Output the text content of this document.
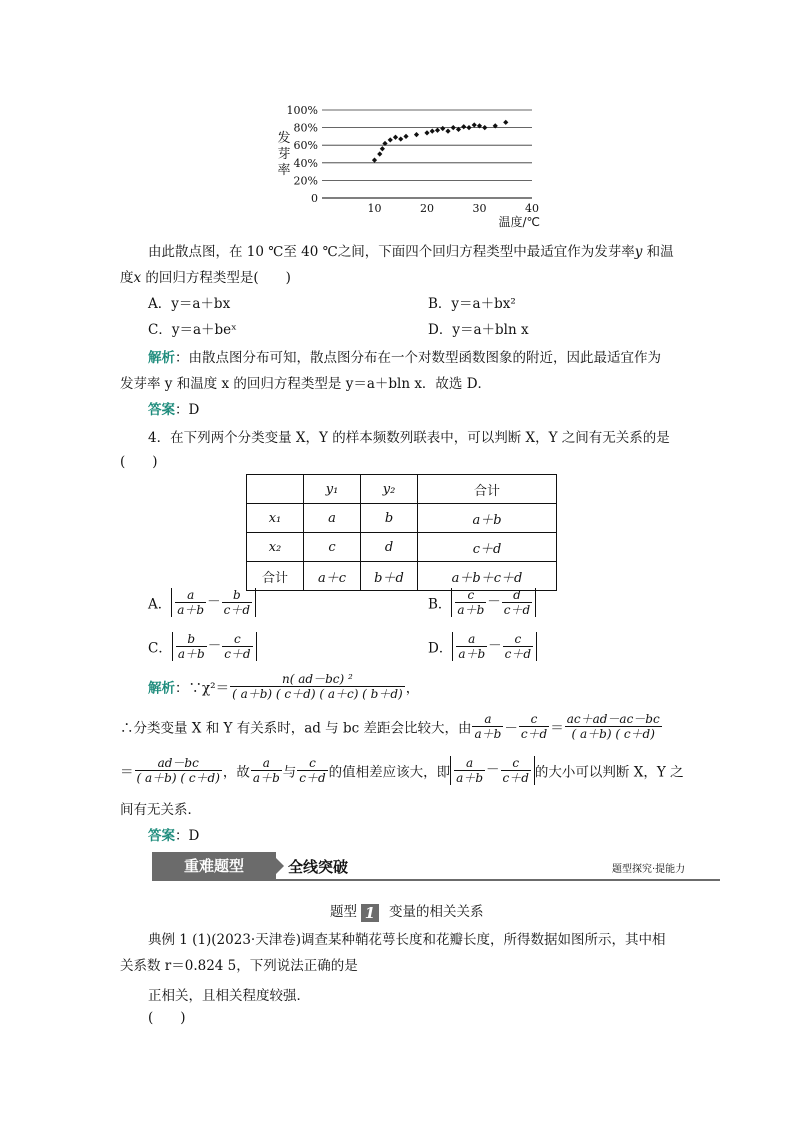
0
20%
40%
60%
80%
100%
10	20	30	40
发
芽
率
温度/℃
由此散点图，在 10 ℃至 40 ℃之间，下面四个回归方程类型中最适宜作为发芽率y 和温
度x 的回归方程类型是(　　)
A．y＝a＋bx	B．y＝a＋bx²
C．y＝a＋beˣ	D．y＝a＋bln x
解析：由散点图分布可知，散点图分布在一个对数型函数图象的附近，因此最适宜作为
发芽率 y 和温度 x 的回归方程类型是 y＝a＋bln x．故选 D．
答案：D
4．在下列两个分类变量 X，Y 的样本频数列联表中，可以判断 X，Y 之间有无关系的是
(　　)
	y₁	y₂	合计
x₁	a	b	a＋b
x₂	c	d	c＋d
合计	a＋c	b＋d	a＋b＋c＋d
A． $\frac{a}{a+b} - \frac{b}{c+d}$	B． $\frac{c}{a+b} - \frac{d}{c+d}$
C． $\frac{b}{a+b} - \frac{c}{c+d}$	D． $\frac{a}{a+b} - \frac{c}{c+d}$
解析：∵χ²＝ $\frac{\text{n( ad－bc) ²}}{( a+b) ( c+d) ( a+c) ( b+d)}$ ，
∴分类变量 X 和 Y 有关系时，ad 与 bc 差距会比较大，由 $\frac{a}{a+b} - \frac{c}{c+d} = \frac{ac+ad-ac-bc}{( a+b) ( c+d)}$
＝ $\frac{ad-bc}{( a+b) ( c+d)}$ ，故 $\frac{a}{a+b}$ 与 $\frac{c}{c+d}$ 的值相差应该大，即 $\frac{a}{a+b} - \frac{c}{c+d}$ 的大小可以判断 X，Y 之
间有无关系．
答案：D
重难题型	全线突破	题型探究·提能力
题型 1 变量的相关关系
典例 1 (1)(2023·天津卷)调查某种鞘花萼长度和花瓣长度，所得数据如图所示，其中相
关系数 r＝0.824 5，下列说法正确的是
正相关，且相关程度较强．
(　　)
